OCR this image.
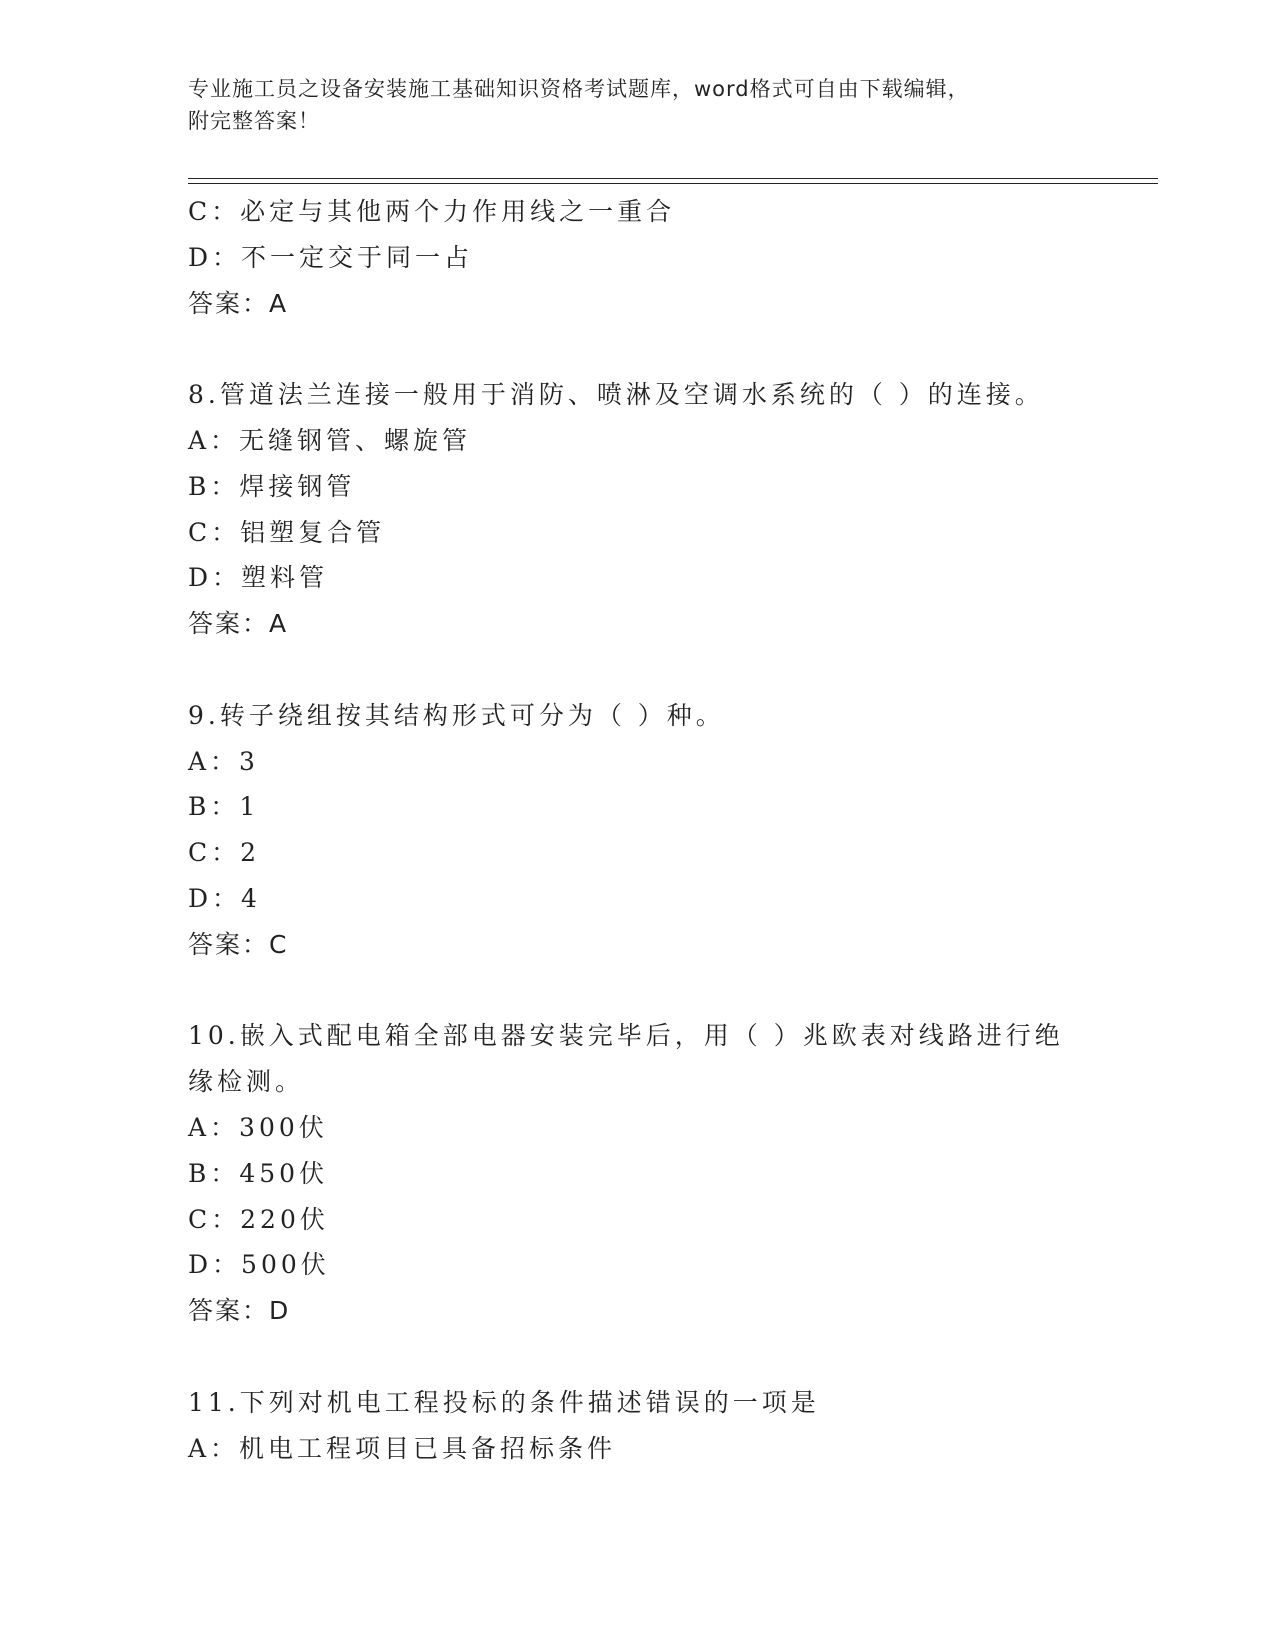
专业施工员之设备安装施工基础知识资格考试题库，word格式可自由下载编辑，
附完整答案！
C：必定与其他两个力作用线之一重合
D：不一定交于同一占
答案：A
8.管道法兰连接一般用于消防、喷淋及空调水系统的（ ）的连接。
A：无缝钢管、螺旋管
B：焊接钢管
C：铝塑复合管
D：塑料管
答案：A
9.转子绕组按其结构形式可分为（ ）种。
A：3
B：1
C：2
D：4
答案：C
10.嵌入式配电箱全部电器安装完毕后，用（ ）兆欧表对线路进行绝
缘检测。
A：300伏
B：450伏
C：220伏
D：500伏
答案：D
11.下列对机电工程投标的条件描述错误的一项是
A：机电工程项目已具备招标条件
